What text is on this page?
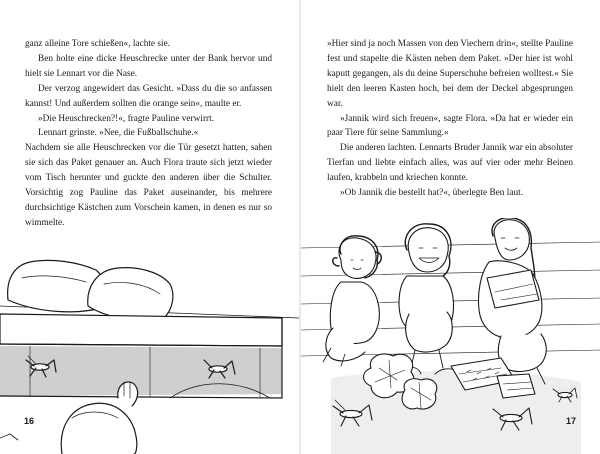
ganz alleine Tore schießen«, lachte sie.

Ben holte eine dicke Heuschrecke unter der Bank hervor und hielt sie Lennart vor die Nase.

Der verzog angewidert das Gesicht. »Dass du die so anfassen kannst! Und außerdem sollten die orange sein«, maulte er.

»Die Heuschrecken?!«, fragte Pauline verwirrt.

Lennart grinste. »Nee, die Fußballschuhe.«

Nachdem sie alle Heuschrecken vor die Tür gesetzt hatten, sahen sie sich das Paket genauer an. Auch Flora traute sich jetzt wieder vom Tisch herunter und guckte den anderen über die Schulter. Vorsichtig zog Pauline das Paket auseinander, bis mehrere durchsichtige Kästchen zum Vorschein kamen, in denen es nur so wimmelte.

16

»Hier sind ja noch Massen von den Viechern drin«, stellte Pauline fest und stapelte die Kästen neben dem Paket. »Der hier ist wohl kaputt gegangen, als du deine Superschuhe befreien wolltest.« Sie hielt den leeren Kasten hoch, bei dem der Deckel abgesprungen war.

»Jannik wird sich freuen«, sagte Flora. »Da hat er wieder ein paar Tiere für seine Sammlung.«

Die anderen lachten. Lennarts Bruder Jannik war ein absoluter Tierfan und liebte einfach alles, was auf vier oder mehr Beinen laufen, krabbeln und kriechen konnte.

»Ob Jannik die bestellt hat?«, überlegte Ben laut.

17
